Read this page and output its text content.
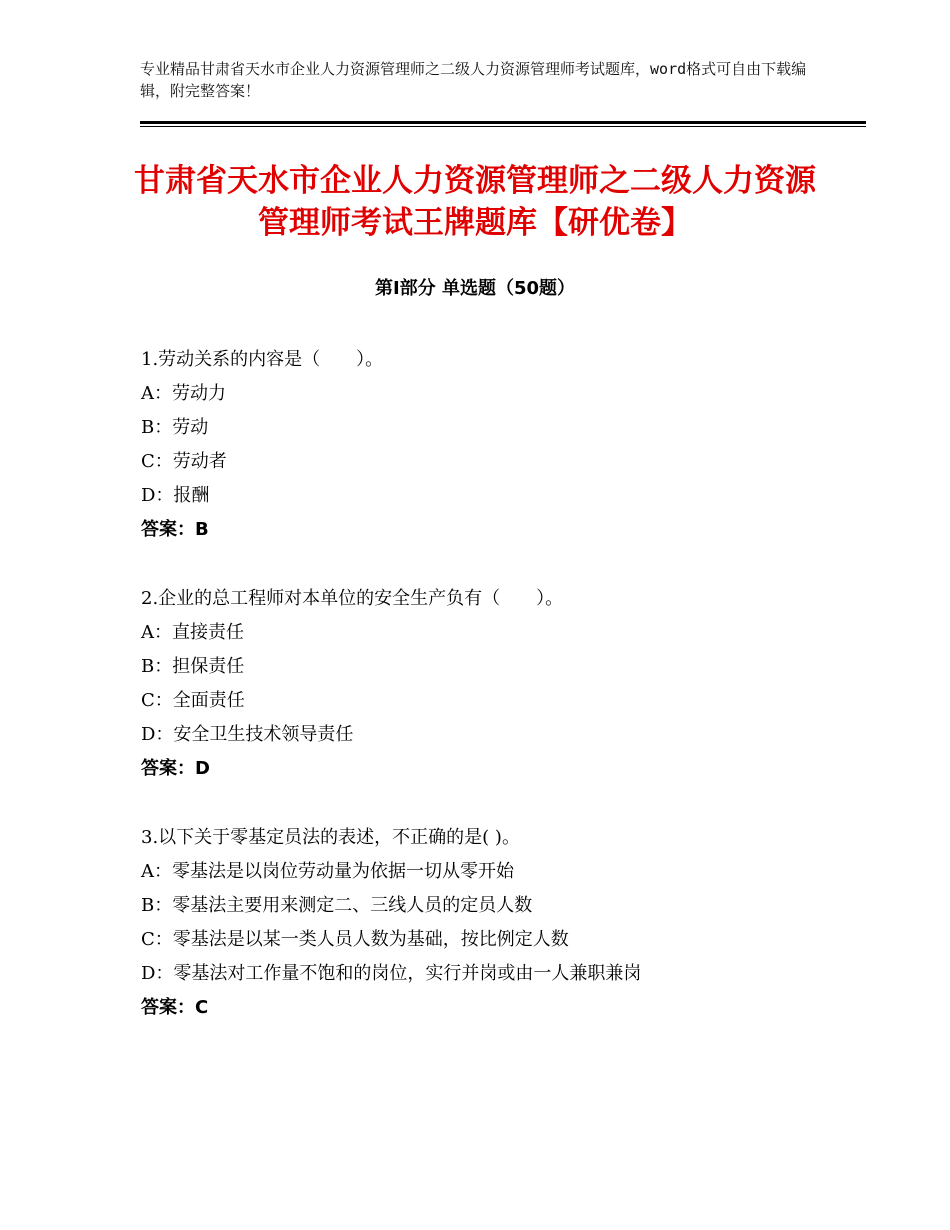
专业精品甘肃省天水市企业人力资源管理师之二级人力资源管理师考试题库，word格式可自由下载编辑，附完整答案！
甘肃省天水市企业人力资源管理师之二级人力资源管理师考试王牌题库【研优卷】
第Ⅰ部分 单选题（50题）
1.劳动关系的内容是（　　）。
A：劳动力
B：劳动
C：劳动者
D：报酬
答案：B
2.企业的总工程师对本单位的安全生产负有（　　）。
A：直接责任
B：担保责任
C：全面责任
D：安全卫生技术领导责任
答案：D
3.以下关于零基定员法的表述，不正确的是( )。
A：零基法是以岗位劳动量为依据一切从零开始
B：零基法主要用来测定二、三线人员的定员人数
C：零基法是以某一类人员人数为基础，按比例定人数
D：零基法对工作量不饱和的岗位，实行并岗或由一人兼职兼岗
答案：C
